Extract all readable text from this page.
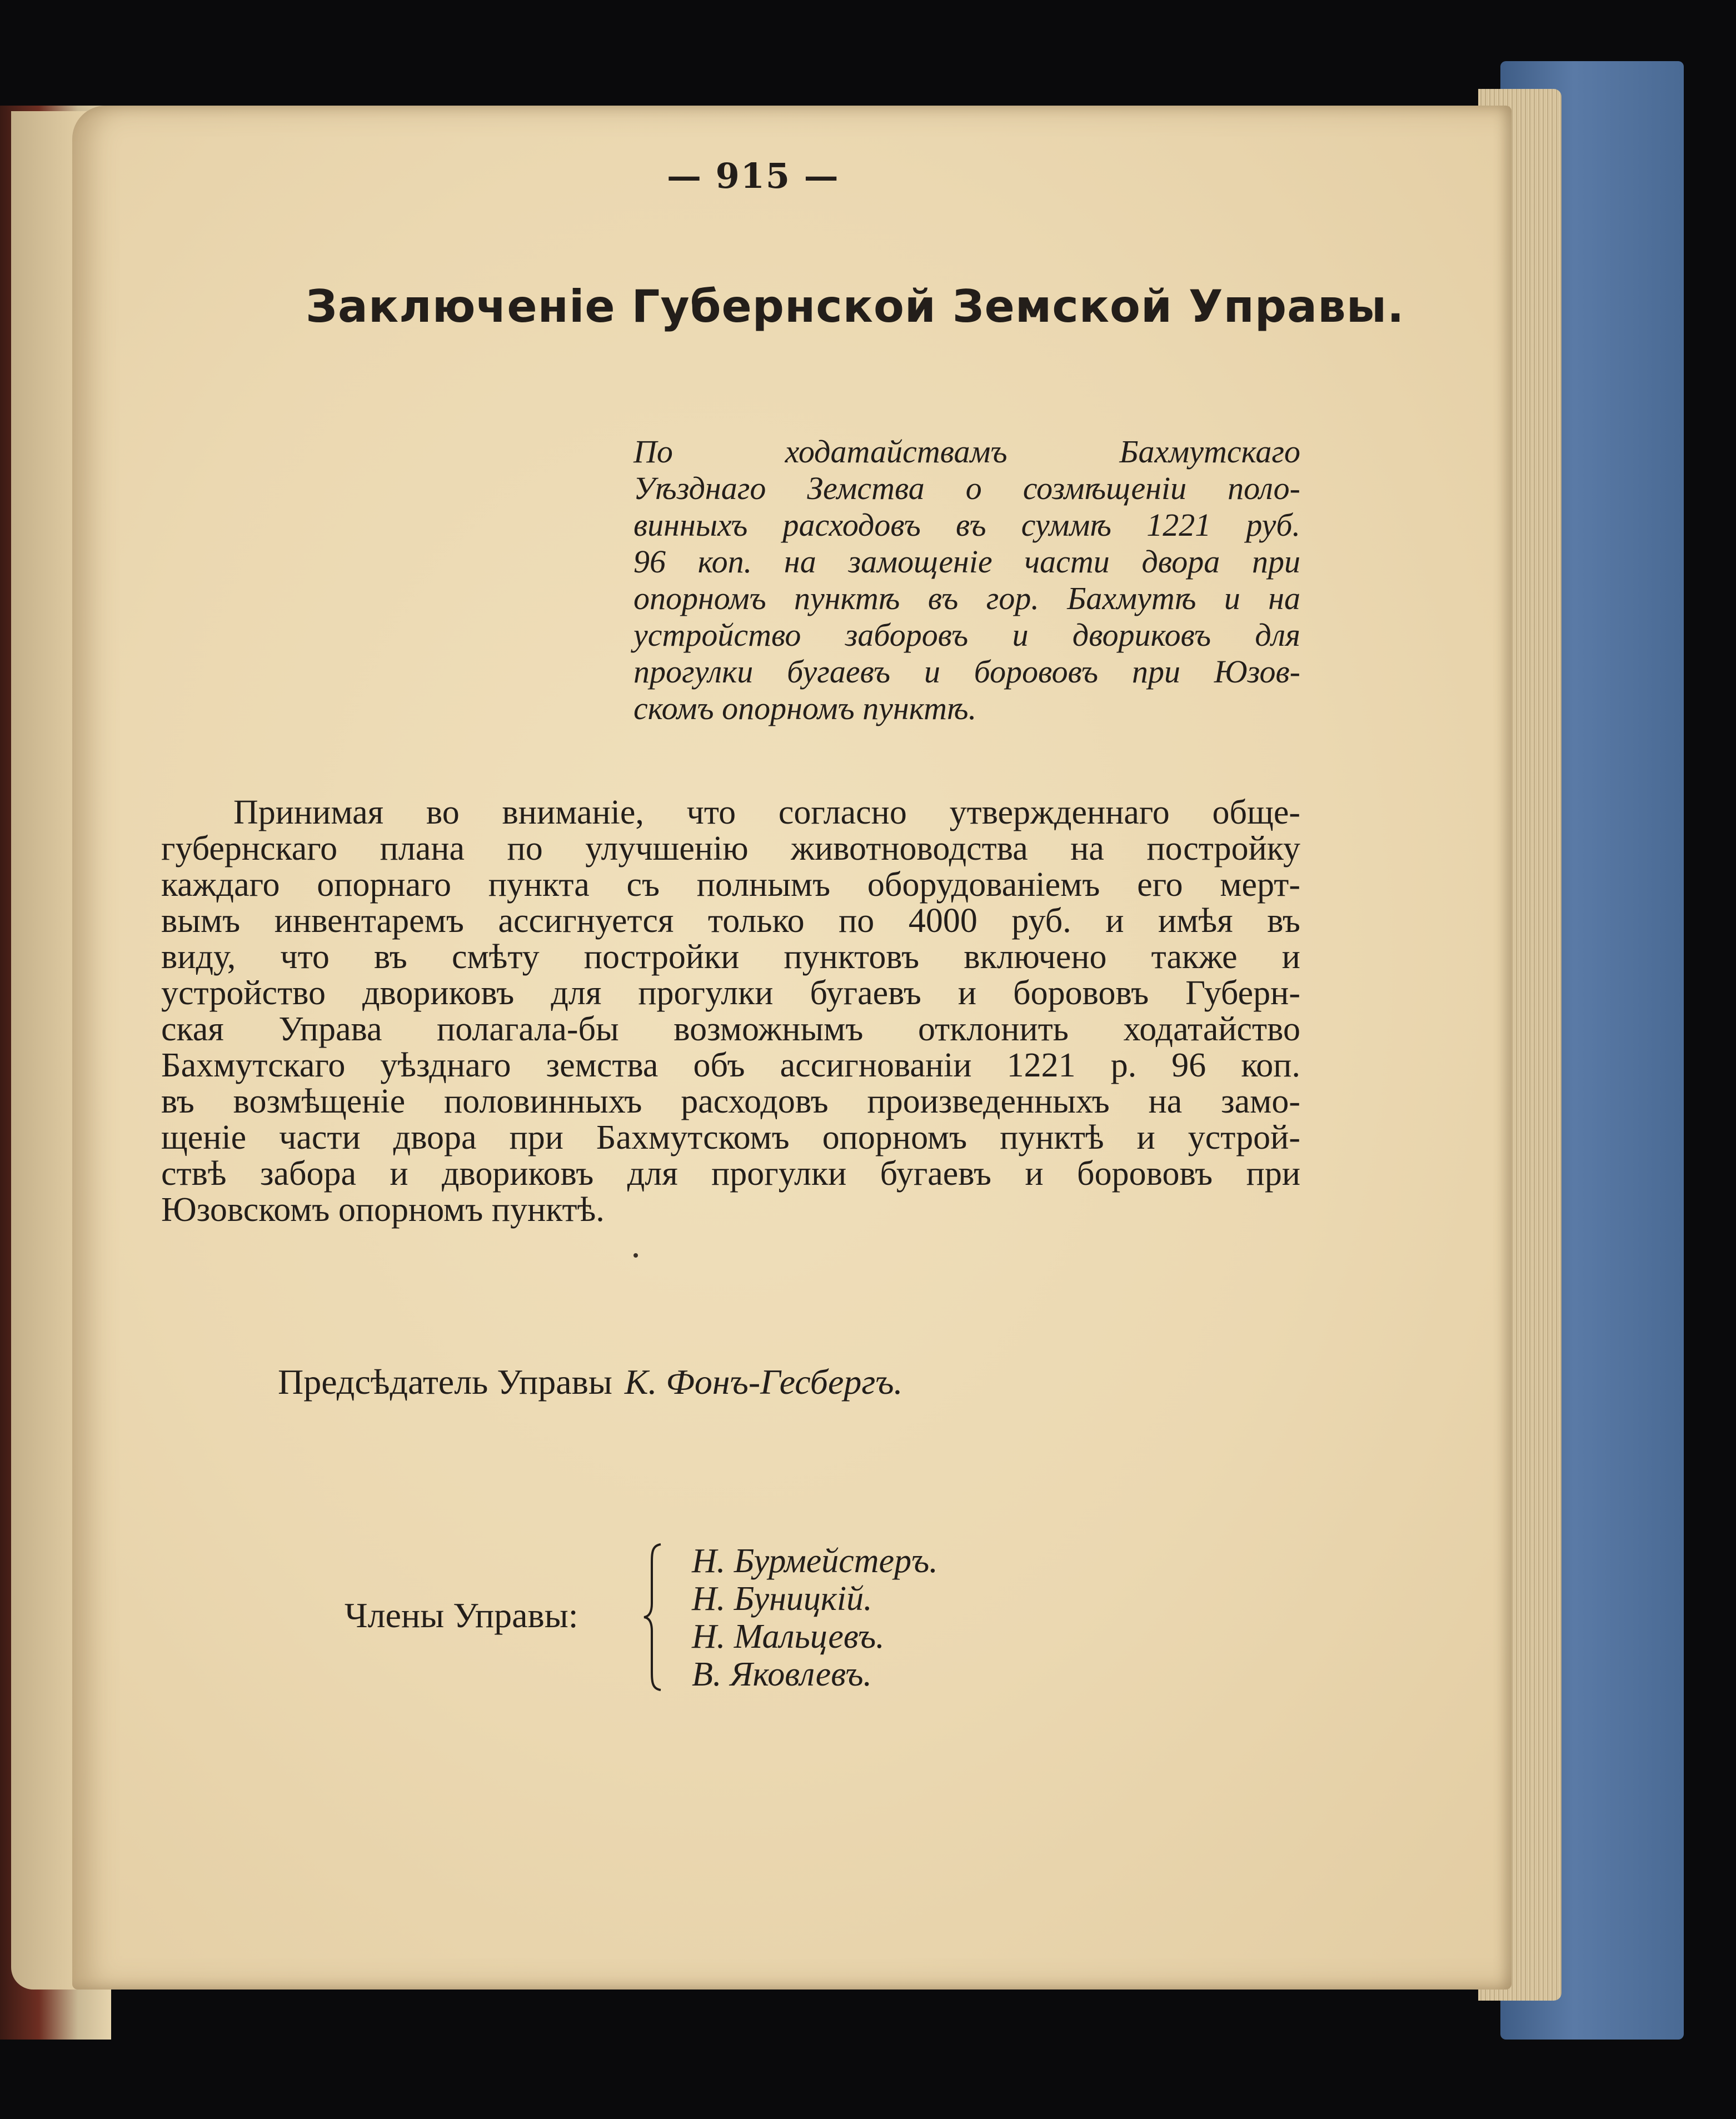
— 915 —
Заключеніе Губернской Земской Управы.
По ходатайствамъ Бахмутскаго
Уѣзднаго Земства о созмѣщеніи поло-
винныхъ расходовъ въ суммѣ 1221 руб.
96 коп. на замощеніе части двора при
опорномъ пунктѣ въ гор. Бахмутѣ и на
устройство заборовъ и двориковъ для
прогулки бугаевъ и борововъ при Юзов-
скомъ опорномъ пунктѣ.
Принимая во вниманіе, что согласно утвержденнаго обще-
губернскаго плана по улучшенію животноводства на постройку
каждаго опорнаго пункта съ полнымъ оборудованіемъ его мерт-
вымъ инвентаремъ ассигнуется только по 4000 руб. и имѣя въ
виду, что въ смѣту постройки пунктовъ включено также и
устройство двориковъ для прогулки бугаевъ и борововъ Губерн-
ская Управа полагала-бы возможнымъ отклонить ходатайство
Бахмутскаго уѣзднаго земства объ ассигнованіи 1221 р. 96 коп.
въ возмѣщеніе половинныхъ расходовъ произведенныхъ на замо-
щеніе части двора при Бахмутскомъ опорномъ пунктѣ и устрой-
ствѣ забора и двориковъ для прогулки бугаевъ и борововъ при
Юзовскомъ опорномъ пунктѣ.
Предсѣдатель Управы К. Фонъ-Гесбергъ.
Члены Управы:
Н. Бурмейстеръ.
Н. Буницкій.
Н. Мальцевъ.
В. Яковлевъ.
